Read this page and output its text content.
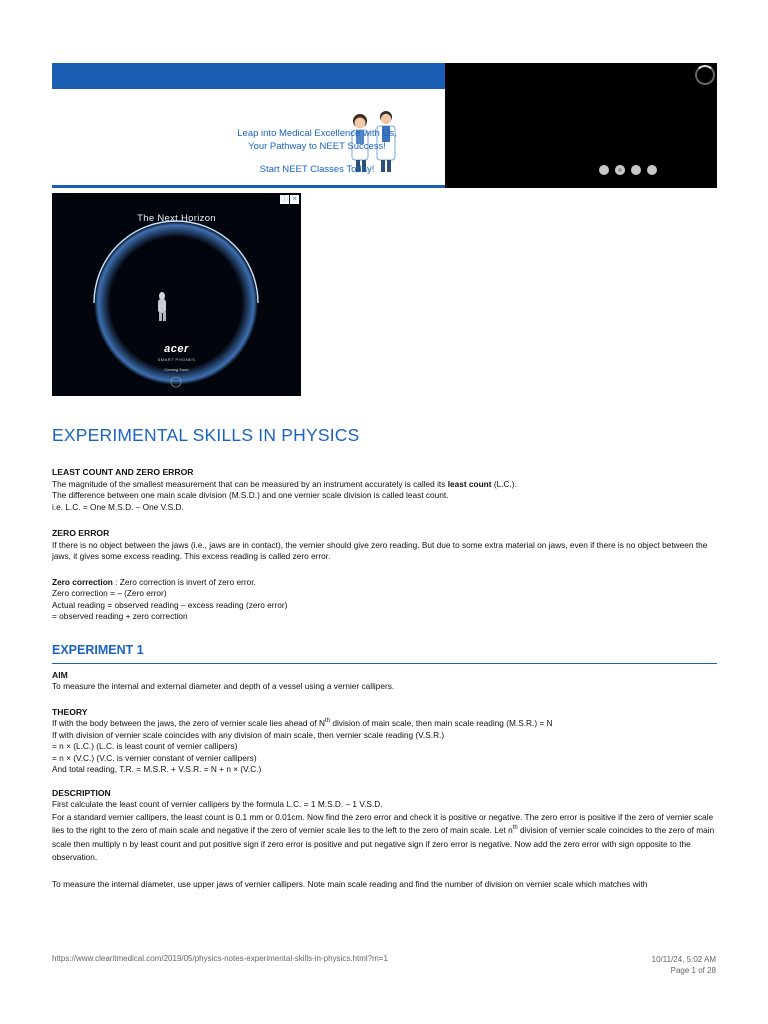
Leap into Medical Excellence with Us,
Your Pathway to NEET Success!
Start NEET Classes Today!
ⓘ ✕
The Next Horizon
acer
SMART PHONES
Coming Soon
EXPERIMENTAL SKILLS IN PHYSICS
LEAST COUNT AND ZERO ERROR

The magnitude of the smallest measurement that can be measured by an instrument accurately is called its least count (L.C.).

The difference between one main scale division (M.S.D.) and one vernier scale division is called least count.

i.e. L.C. = One M.S.D. – One V.S.D.

ZERO ERROR

If there is no object between the jaws (i.e., jaws are in contact), the vernier should give zero reading. But due to some extra material on jaws, even if there is no object between the jaws, it gives some excess reading. This excess reading is called zero error.

Zero correction : Zero correction is invert of zero error.

Zero correction = – (Zero error)

Actual reading = observed reading – excess reading (zero error)

= observed reading + zero correction

EXPERIMENT 1
AIM

To measure the internal and external diameter and depth of a vessel using a vernier callipers.

THEORY

If with the body between the jaws, the zero of vernier scale lies ahead of $N^{th}$ division of main scale, then main scale reading (M.S.R.) = N

If with division of vernier scale coincides with any division of main scale, then vernier scale reading (V.S.R.)

= n × (L.C.) (L.C. is least count of vernier callipers)

= n × (V.C.) (V.C. is vernier constant of vernier callipers)

And total reading, T.R. = M.S.R. + V.S.R. = N + n × (V.C.)

DESCRIPTION

First calculate the least count of vernier callipers by the formula L.C. = 1 M.S.D. – 1 V.S.D.

For a standard vernier callipers, the least count is 0.1 mm or 0.01cm. Now find the zero error and check it is positive or negative. The zero error is positive if the zero of vernier scale lies to the right to the zero of main scale and negative if the zero of vernier scale lies to the left to the zero of main scale. Let $n^{th}$ division of vernier scale coincides to the zero of main scale then multiply n by least count and put positive sign if zero error is positive and put negative sign if zero error is negative. Now add the zero error with sign opposite to the observation.

To measure the internal diameter, use upper jaws of vernier callipers. Note main scale reading and find the number of division on vernier scale which matches with

https://www.clearitmedical.com/2019/05/physics-notes-experimental-skills-in-physics.html?m=1	10/11/24, 5:02 AM
Page 1 of 28
